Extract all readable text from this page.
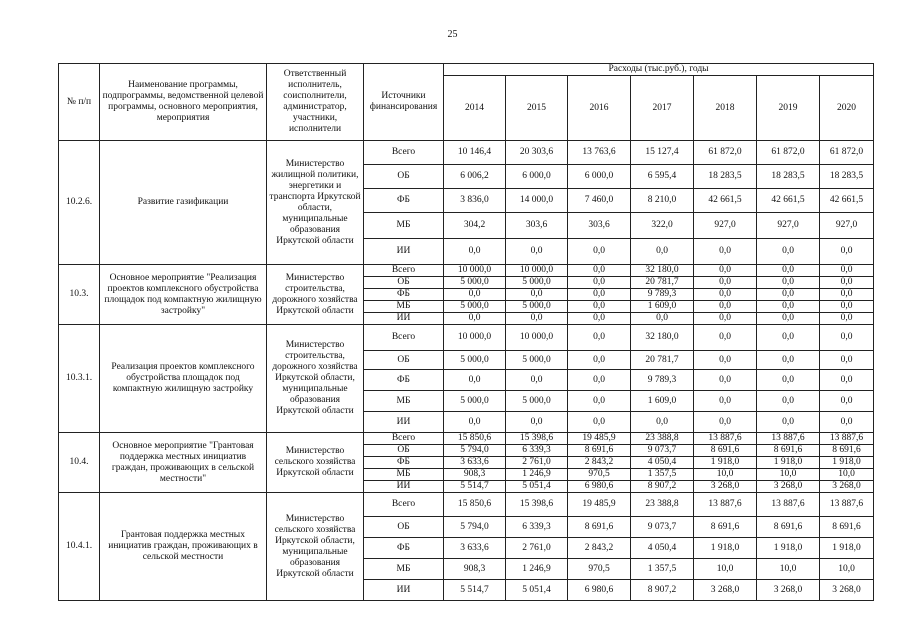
25
№ п/п	Наименование программы, подпрограммы, ведомственной целевой программы, основного мероприятия, мероприятия	Ответственный исполнитель, соисполнители, администратор, участники, исполнители	Источники финансирования	Расходы (тыс.руб.), годы						
				2014	2015	2016	2017	2018	2019	2020
10.2.6.	Развитие газификации	Министерство жилищной политики, энергетики и транспорта Иркутской области, муниципальные образования Иркутской области	Всего	10 146,4	20 303,6	13 763,6	15 127,4	61 872,0	61 872,0	61 872,0
			ОБ	6 006,2	6 000,0	6 000,0	6 595,4	18 283,5	18 283,5	18 283,5
			ФБ	3 836,0	14 000,0	7 460,0	8 210,0	42 661,5	42 661,5	42 661,5
			МБ	304,2	303,6	303,6	322,0	927,0	927,0	927,0
			ИИ	0,0	0,0	0,0	0,0	0,0	0,0	0,0
10.3.	Основное мероприятие "Реализация проектов комплексного обустройства площадок под компактную жилищную застройку"	Министерство строительства, дорожного хозяйства Иркутской области	Всего	10 000,0	10 000,0	0,0	32 180,0	0,0	0,0	0,0
			ОБ	5 000,0	5 000,0	0,0	20 781,7	0,0	0,0	0,0
			ФБ	0,0	0,0	0,0	9 789,3	0,0	0,0	0,0
			МБ	5 000,0	5 000,0	0,0	1 609,0	0,0	0,0	0,0
			ИИ	0,0	0,0	0,0	0,0	0,0	0,0	0,0
10.3.1.	Реализация проектов комплексного обустройства площадок под компактную жилищную застройку	Министерство строительства, дорожного хозяйства Иркутской области, муниципальные образования Иркутской области	Всего	10 000,0	10 000,0	0,0	32 180,0	0,0	0,0	0,0
			ОБ	5 000,0	5 000,0	0,0	20 781,7	0,0	0,0	0,0
			ФБ	0,0	0,0	0,0	9 789,3	0,0	0,0	0,0
			МБ	5 000,0	5 000,0	0,0	1 609,0	0,0	0,0	0,0
			ИИ	0,0	0,0	0,0	0,0	0,0	0,0	0,0
10.4.	Основное мероприятие "Грантовая поддержка местных инициатив граждан, проживающих в сельской местности"	Министерство сельского хозяйства Иркутской области	Всего	15 850,6	15 398,6	19 485,9	23 388,8	13 887,6	13 887,6	13 887,6
			ОБ	5 794,0	6 339,3	8 691,6	9 073,7	8 691,6	8 691,6	8 691,6
			ФБ	3 633,6	2 761,0	2 843,2	4 050,4	1 918,0	1 918,0	1 918,0
			МБ	908,3	1 246,9	970,5	1 357,5	10,0	10,0	10,0
			ИИ	5 514,7	5 051,4	6 980,6	8 907,2	3 268,0	3 268,0	3 268,0
10.4.1.	Грантовая поддержка местных инициатив граждан, проживающих в сельской местности	Министерство сельского хозяйства Иркутской области, муниципальные образования Иркутской области	Всего	15 850,6	15 398,6	19 485,9	23 388,8	13 887,6	13 887,6	13 887,6
			ОБ	5 794,0	6 339,3	8 691,6	9 073,7	8 691,6	8 691,6	8 691,6
			ФБ	3 633,6	2 761,0	2 843,2	4 050,4	1 918,0	1 918,0	1 918,0
			МБ	908,3	1 246,9	970,5	1 357,5	10,0	10,0	10,0
			ИИ	5 514,7	5 051,4	6 980,6	8 907,2	3 268,0	3 268,0	3 268,0
